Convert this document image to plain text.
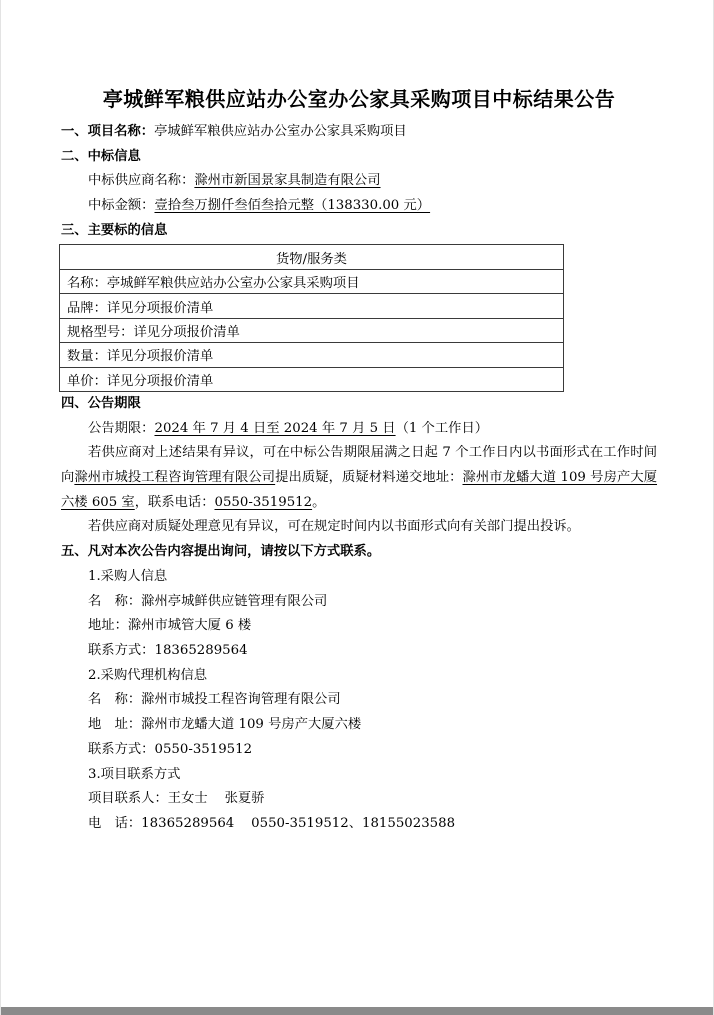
亭城鲜军粮供应站办公室办公家具采购项目中标结果公告
一、项目名称：亭城鲜军粮供应站办公室办公家具采购项目
二、中标信息
中标供应商名称：滁州市新国景家具制造有限公司
中标金额：壹拾叁万捌仟叁佰叁拾元整（138330.00 元）
三、主要标的信息
货物/服务类
名称：亭城鲜军粮供应站办公室办公家具采购项目
品牌：详见分项报价清单
规格型号：详见分项报价清单
数量：详见分项报价清单
单价：详见分项报价清单
四、公告期限
公告期限：2024 年 7 月 4 日至 2024 年 7 月 5 日（1 个工作日）
若供应商对上述结果有异议，可在中标公告期限届满之日起 7 个工作日内以书面形式在工作时间向滁州市城投工程咨询管理有限公司提出质疑，质疑材料递交地址：滁州市龙蟠大道 109 号房产大厦六楼 605 室，联系电话：0550-3519512。
若供应商对质疑处理意见有异议，可在规定时间内以书面形式向有关部门提出投诉。
五、凡对本次公告内容提出询问，请按以下方式联系。
1.采购人信息
名　称：滁州亭城鲜供应链管理有限公司
地址：滁州市城管大厦 6 楼
联系方式：18365289564
2.采购代理机构信息
名　称：滁州市城投工程咨询管理有限公司
地　址：滁州市龙蟠大道 109 号房产大厦六楼
联系方式：0550-3519512
3.项目联系方式
项目联系人：王女士    张夏骄
电　话：18365289564    0550-3519512、18155023588
